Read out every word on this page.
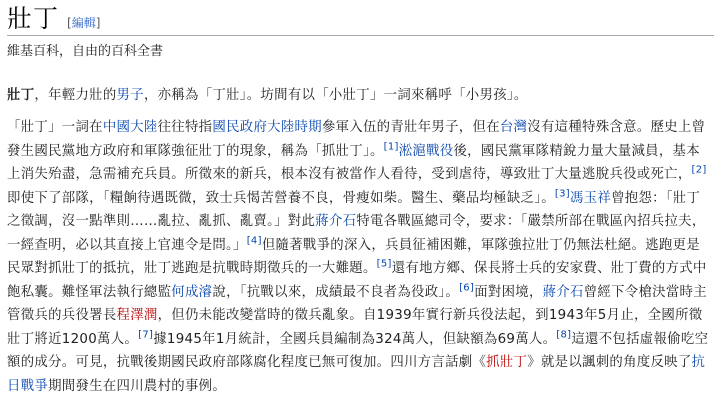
壯丁 [編輯]
維基百科，自由的百科全書

壯丁，年輕力壯的男子，亦稱為「丁壯」。坊間有以「小壯丁」一詞來稱呼「小男孩」。

「壯丁」一詞在中國大陸往往特指國民政府大陸時期參軍入伍的青壯年男子，但在台灣沒有這種特殊含意。歷史上曾發生國民黨地方政府和軍隊強征壯丁的現象，稱為「抓壯丁」。[1]淞滬戰役後，國民黨軍隊精銳力量大量減員，基本上消失殆盡，急需補充兵員。所徵來的新兵，根本沒有被當作人看待，受到虐待，導致壯丁大量逃脫兵役或死亡，[2]即使下了部隊，「糧餉待遇既微，致士兵愒苦營養不良，骨瘦如柴。醫生、藥品均極缺乏」。[3]馮玉祥曾抱怨：「壯丁之徵調，沒一點準則……亂拉、亂抓、亂賣。」對此蔣介石特電各戰區總司令，要求：「嚴禁所部在戰區內招兵拉夫，一經查明，必以其直接上官連令是問。」[4]但隨著戰爭的深入，兵員征補困難，軍隊強拉壯丁仍無法杜絕。逃跑更是民眾對抓壯丁的抵抗，壯丁逃跑是抗戰時期徵兵的一大難題。[5]還有地方鄉、保長將士兵的安家費、壯丁費的方式中飽私囊。難怪軍法執行總監何成濬說，「抗戰以來，成績最不良者為役政」。[6]面對困境，蔣介石曾經下令槍決當時主管徵兵的兵役署長程澤潤，但仍未能改變當時的徵兵亂象。自1939年實行新兵役法起，到1943年5月止，全國所徵壯丁將近1200萬人。[7]據1945年1月統計，全國兵員編制為324萬人，但缺額為69萬人。[8]這還不包括虛報偷吃空額的成分。可見，抗戰後期國民政府部隊腐化程度已無可復加。四川方言話劇《抓壯丁》就是以諷刺的角度反映了抗日戰爭期間發生在四川農村的事例。
